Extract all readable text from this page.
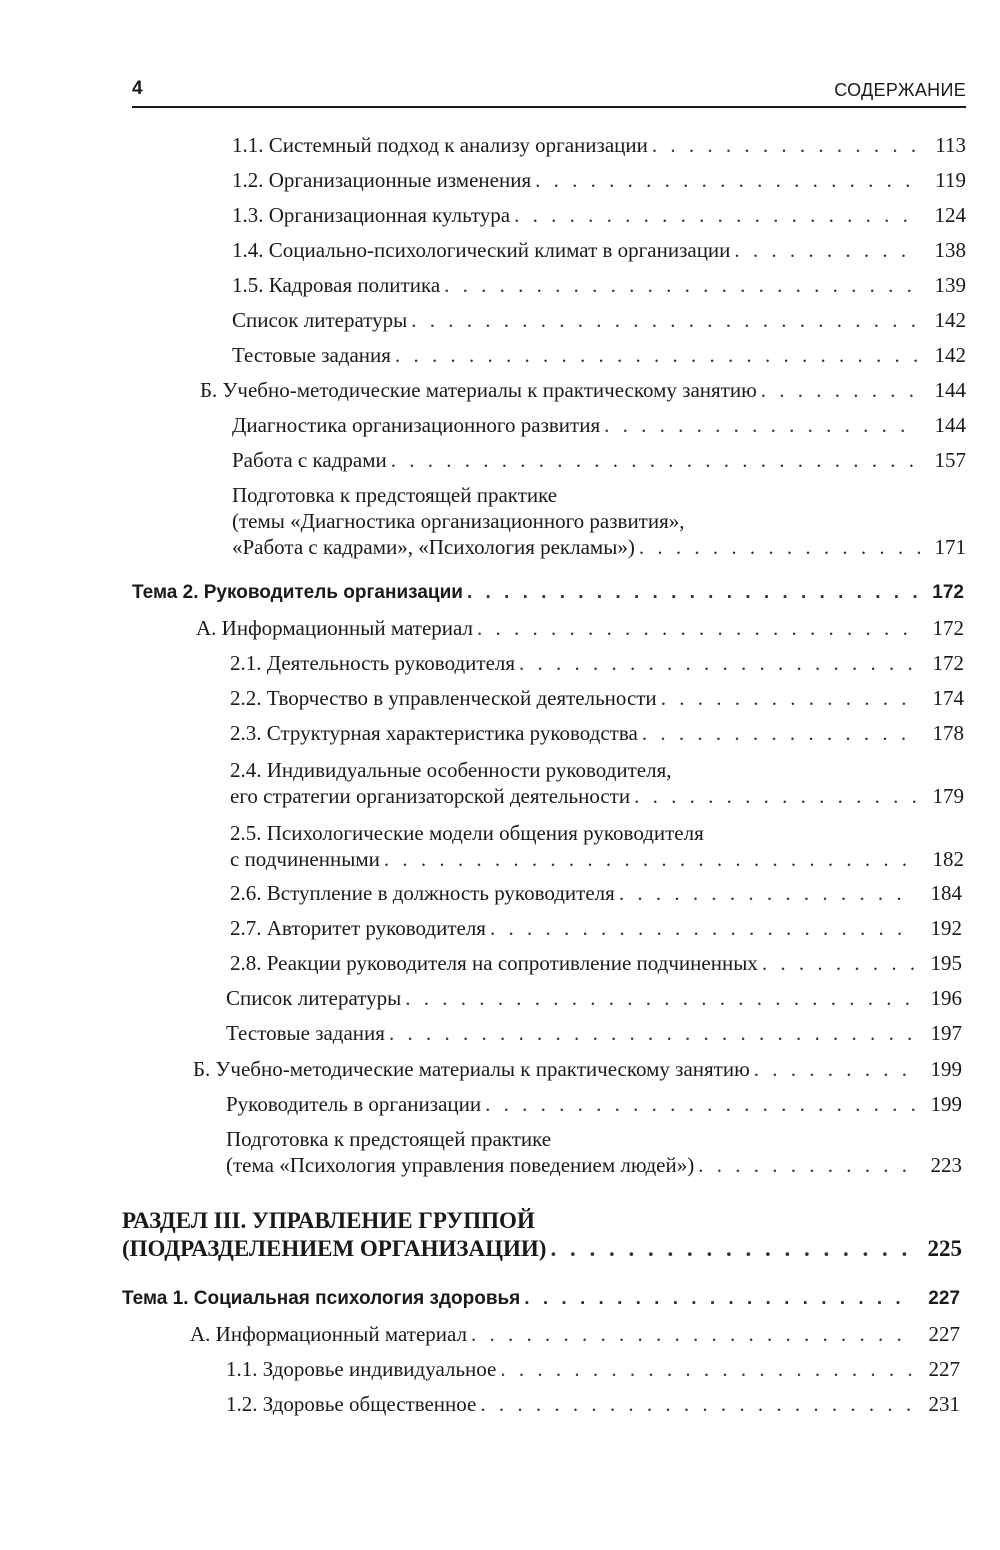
4	СОДЕРЖАНИЕ
1.1. Системный подход к анализу организации . . .	113
1.2. Организационные изменения . . .	119
1.3. Организационная культура . . .	124
1.4. Социально-психологический климат в организации . . .	138
1.5. Кадровая политика . . .	139
Список литературы . . .	142
Тестовые задания . . .	142
Б. Учебно-методические материалы к практическому занятию . . .	144
Диагностика организационного развития . . .	144
Работа с кадрами . . .	157
Подготовка к предстоящей практике
(темы «Диагностика организационного развития»,
«Работа с кадрами», «Психология рекламы») . . .	171
Тема 2. Руководитель организации . . .	172
А. Информационный материал . . .	172
2.1. Деятельность руководителя . . .	172
2.2. Творчество в управленческой деятельности . . .	174
2.3. Структурная характеристика руководства . . .	178
2.4. Индивидуальные особенности руководителя,
его стратегии организаторской деятельности . . .	179
2.5. Психологические модели общения руководителя
с подчиненными . . .	182
2.6. Вступление в должность руководителя . . .	184
2.7. Авторитет руководителя . . .	192
2.8. Реакции руководителя на сопротивление подчиненных . . .	195
Список литературы . . .	196
Тестовые задания . . .	197
Б. Учебно-методические материалы к практическому занятию . . .	199
Руководитель в организации . . .	199
Подготовка к предстоящей практике
(тема «Психология управления поведением людей») . . .	223
РАЗДЕЛ III. УПРАВЛЕНИЕ ГРУППОЙ
(ПОДРАЗДЕЛЕНИЕМ ОРГАНИЗАЦИИ) . . .	225
Тема 1. Социальная психология здоровья . . .	227
А. Информационный материал . . .	227
1.1. Здоровье индивидуальное . . .	227
1.2. Здоровье общественное . . .	231
